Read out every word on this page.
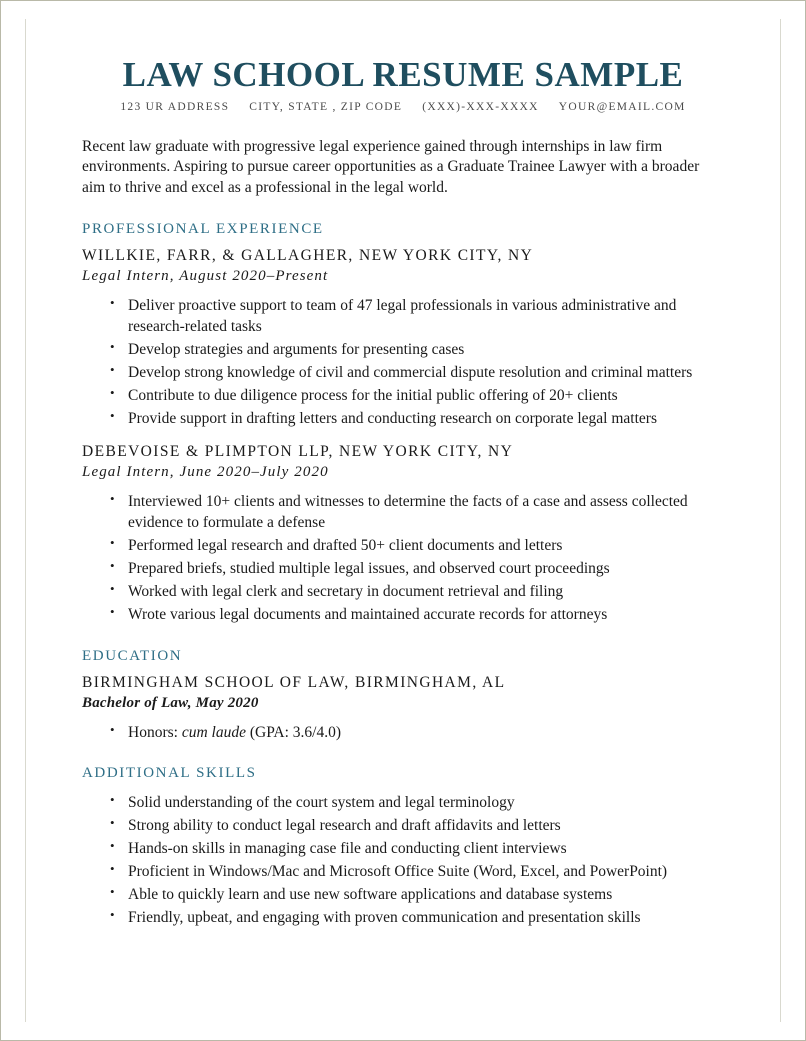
LAW SCHOOL RESUME SAMPLE
123 UR ADDRESS CITY, STATE , ZIP CODE (XXX)-XXX-XXXX YOUR@EMAIL.COM
Recent law graduate with progressive legal experience gained through internships in law firm environments. Aspiring to pursue career opportunities as a Graduate Trainee Lawyer with a broader aim to thrive and excel as a professional in the legal world.
PROFESSIONAL EXPERIENCE
WILLKIE, FARR, & GALLAGHER, NEW YORK CITY, NY
Legal Intern, August 2020–Present
• Deliver proactive support to team of 47 legal professionals in various administrative and research-related tasks
• Develop strategies and arguments for presenting cases
• Develop strong knowledge of civil and commercial dispute resolution and criminal matters
• Contribute to due diligence process for the initial public offering of 20+ clients
• Provide support in drafting letters and conducting research on corporate legal matters
DEBEVOISE & PLIMPTON LLP, NEW YORK CITY, NY
Legal Intern, June 2020–July 2020
• Interviewed 10+ clients and witnesses to determine the facts of a case and assess collected evidence to formulate a defense
• Performed legal research and drafted 50+ client documents and letters
• Prepared briefs, studied multiple legal issues, and observed court proceedings
• Worked with legal clerk and secretary in document retrieval and filing
• Wrote various legal documents and maintained accurate records for attorneys
EDUCATION
BIRMINGHAM SCHOOL OF LAW, BIRMINGHAM, AL
Bachelor of Law, May 2020
• Honors: cum laude (GPA: 3.6/4.0)
ADDITIONAL SKILLS
• Solid understanding of the court system and legal terminology
• Strong ability to conduct legal research and draft affidavits and letters
• Hands-on skills in managing case file and conducting client interviews
• Proficient in Windows/Mac and Microsoft Office Suite (Word, Excel, and PowerPoint)
• Able to quickly learn and use new software applications and database systems
• Friendly, upbeat, and engaging with proven communication and presentation skills
